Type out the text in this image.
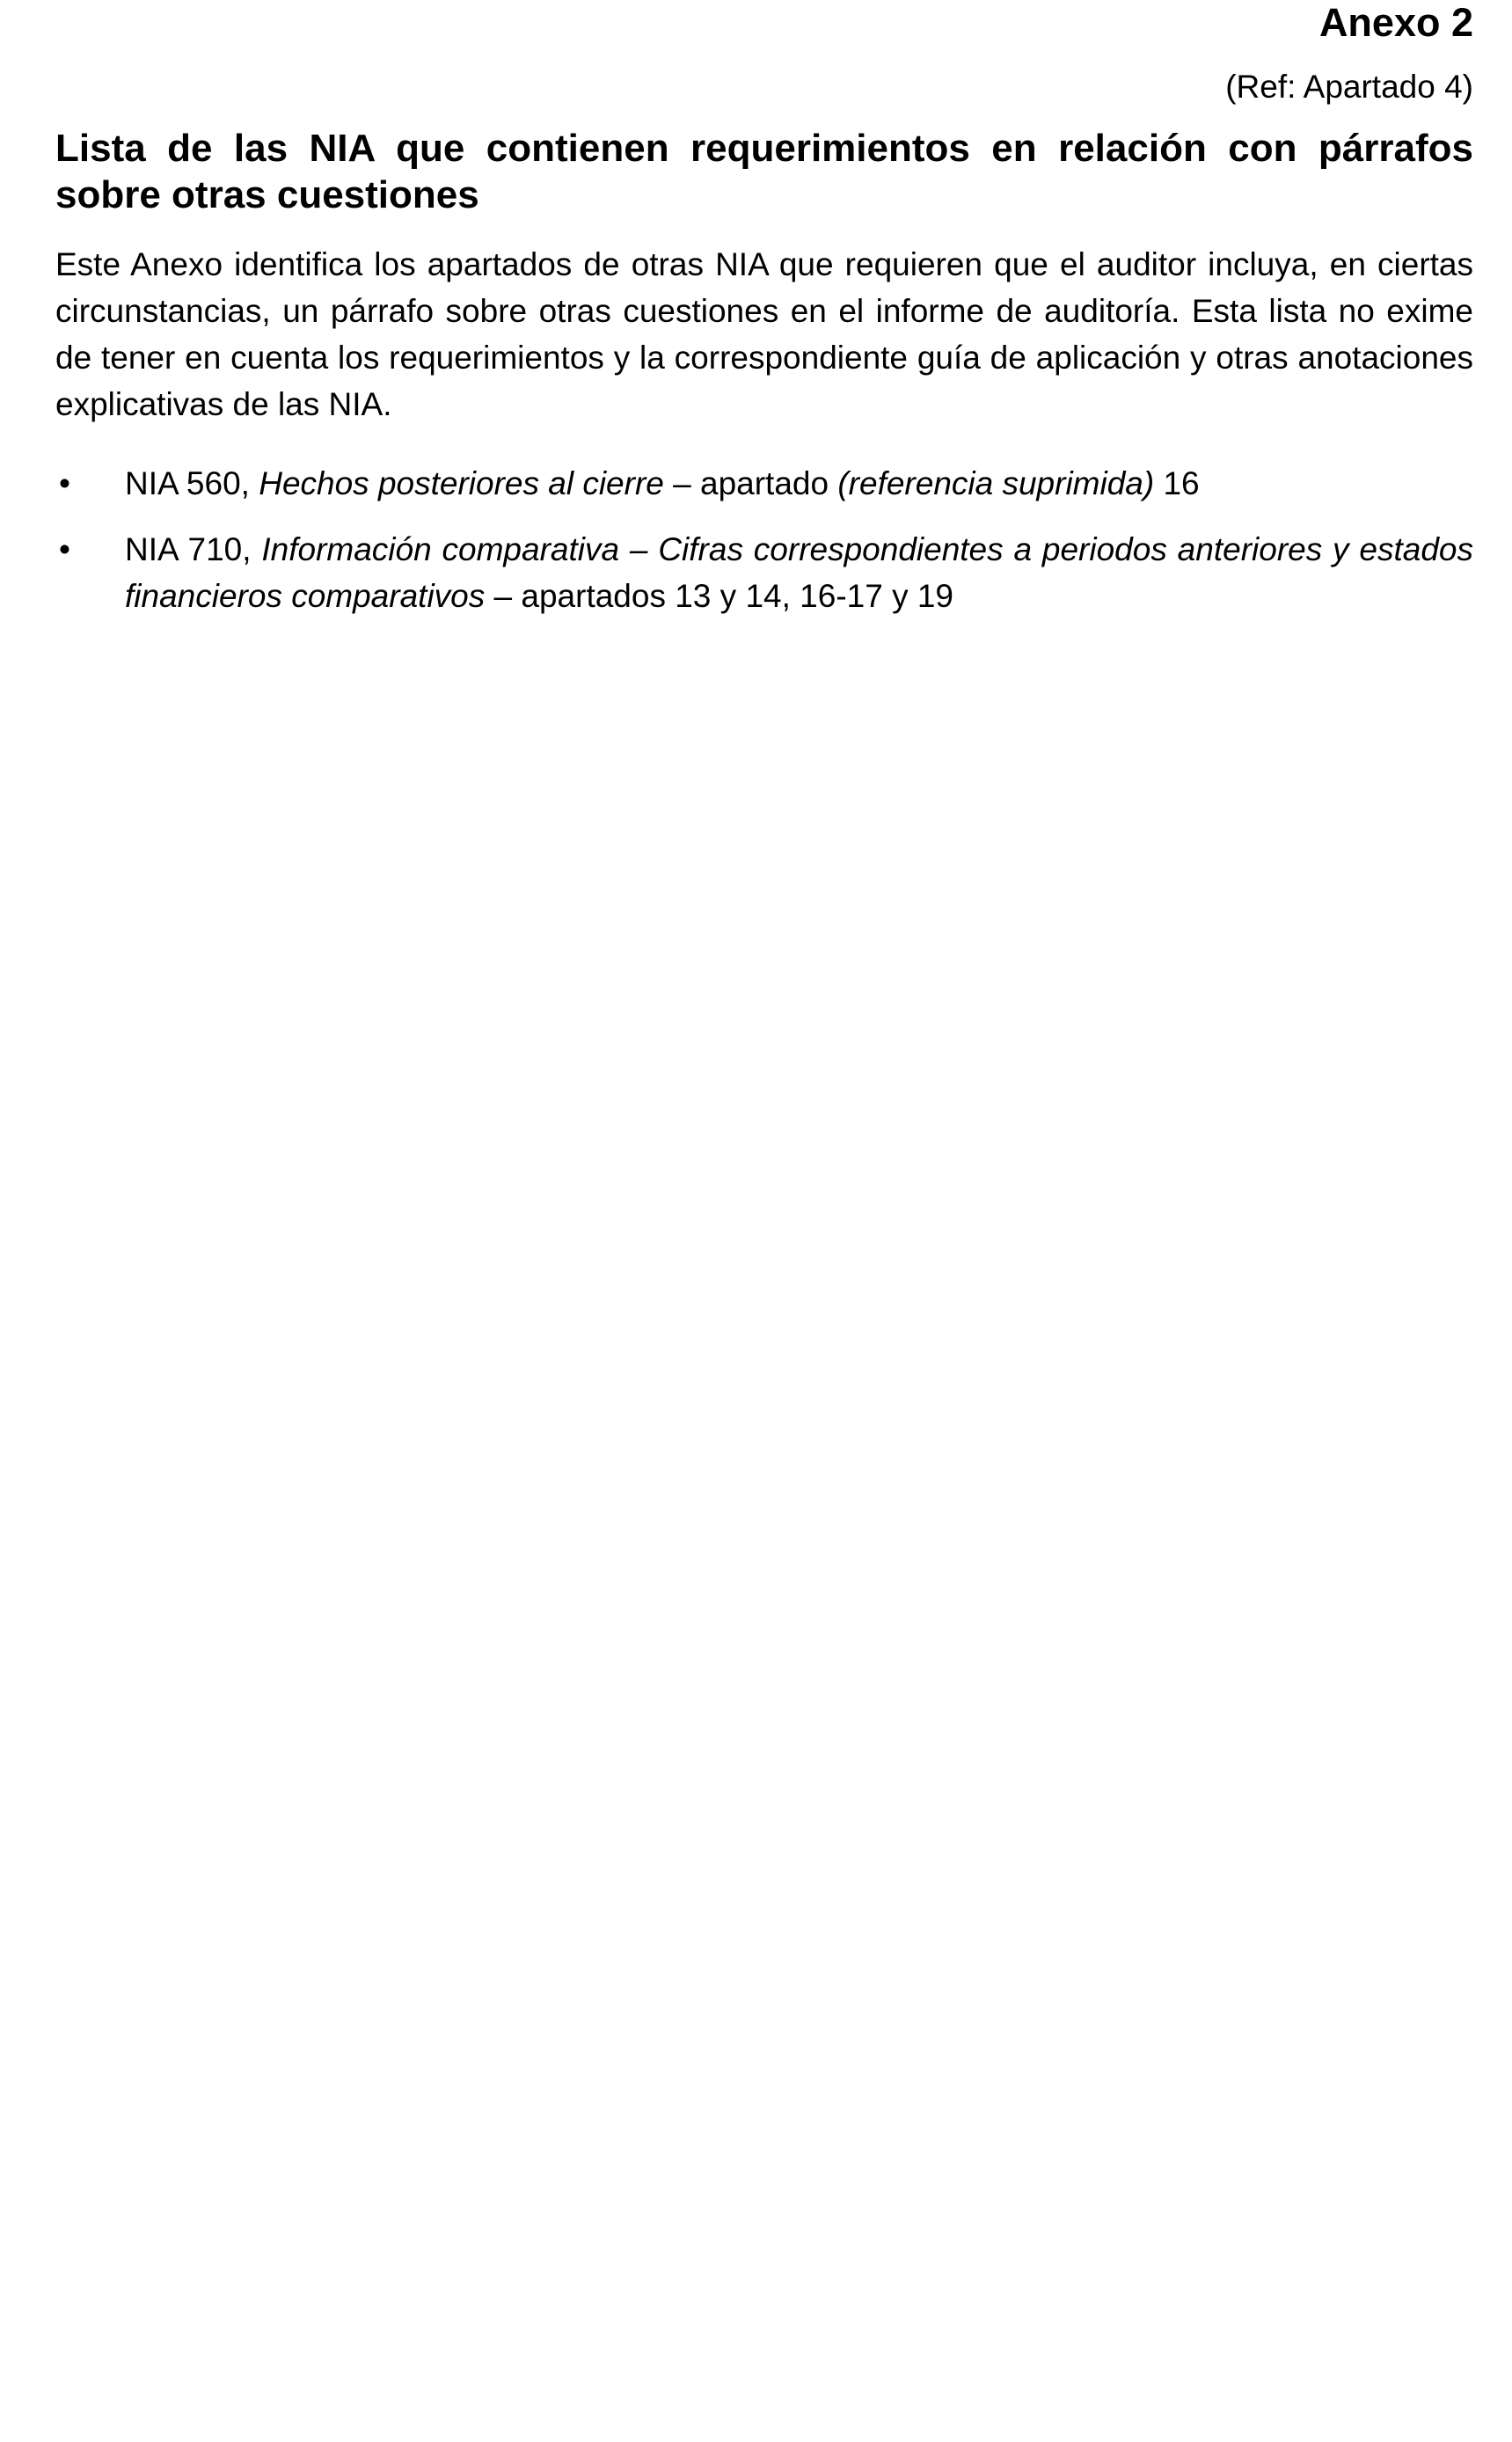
Anexo 2
(Ref: Apartado 4)
Lista de las NIA que contienen requerimientos en relación con párrafos sobre otras cuestiones

Este Anexo identifica los apartados de otras NIA que requieren que el auditor incluya, en ciertas circunstancias, un párrafo sobre otras cuestiones en el informe de auditoría. Esta lista no exime de tener en cuenta los requerimientos y la correspondiente guía de aplicación y otras anotaciones explicativas de las NIA.

• NIA 560, Hechos posteriores al cierre – apartado (referencia suprimida) 16
• NIA 710, Información comparativa – Cifras correspondientes a periodos anteriores y estados financieros comparativos – apartados 13 y 14, 16-17 y 19
